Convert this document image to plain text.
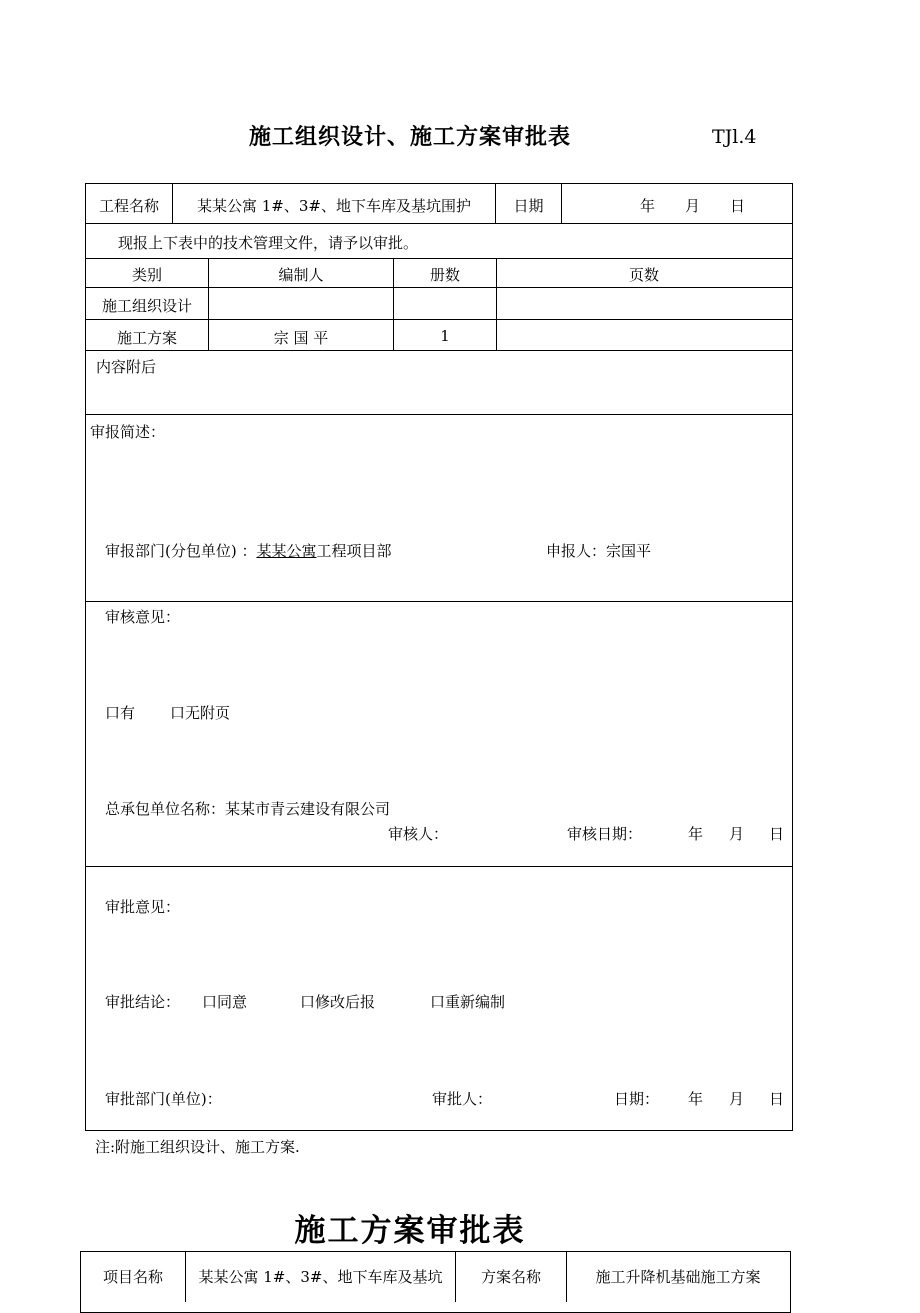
施工组织设计、施工方案审批表	TJl.4
工程名称	某某公寓 1#、3#、地下车库及基坑围护	日期	年　　月　　日
现报上下表中的技术管理文件，请予以审批。
类别	编制人	册数	页数
施工组织设计
施工方案	宗 国 平	1
内容附后
审报简述：
审报部门(分包单位) ：某某公寓工程项目部	申报人：宗国平
审核意见：
口有 口无附页
总承包单位名称：某某市青云建设有限公司
审核人：	审核日期：	年 月 日
审批意见：
审批结论： 口同意	口修改后报	口重新编制
审批部门(单位)：	审批人：	日期： 年 月 日
注:附施工组织设计、施工方案.
施工方案审批表
项目名称	某某公寓 1#、3#、地下车库及基坑	方案名称	施工升降机基础施工方案
